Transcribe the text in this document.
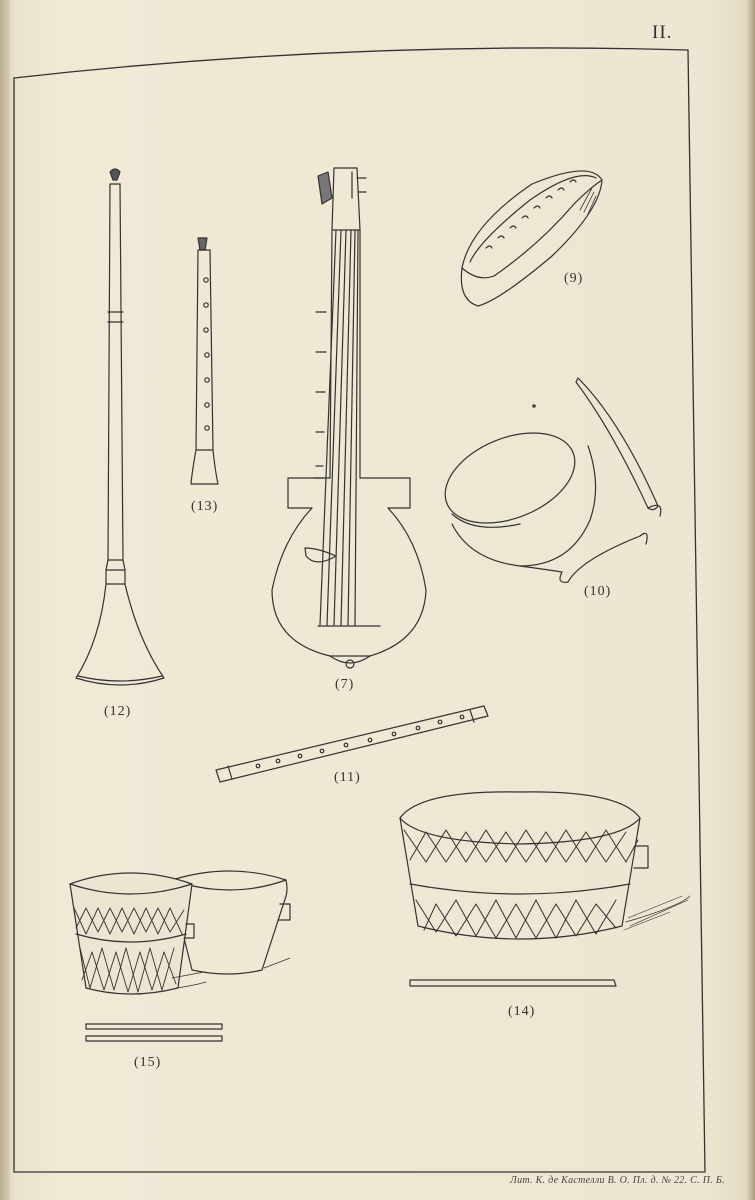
II.
(7)
(9)
(10)
(11)
(12)
(13)
(14)
(15)
Лит. К. де Кастелли В. О. Пл. д. № 22. С. П. Б.
